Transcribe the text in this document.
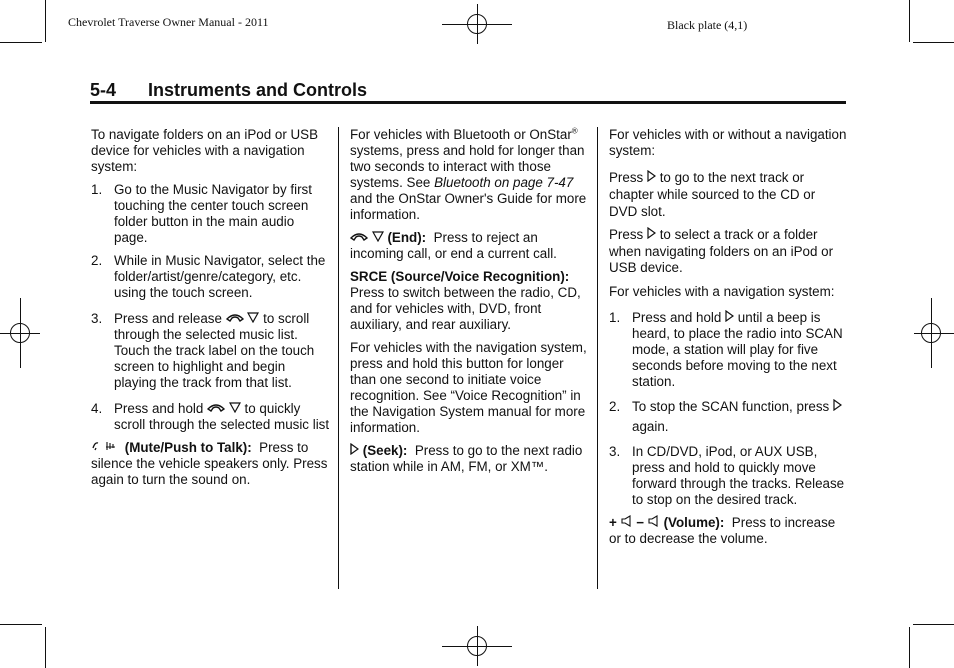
Chevrolet Traverse Owner Manual - 2011	Black plate (4,1)
5-4 Instruments and Controls

To navigate folders on an iPod or USB device for vehicles with a navigation system:

1. Go to the Music Navigator by first touching the center touch screen folder button in the main audio page.
2. While in Music Navigator, select the folder/artist/genre/category, etc. using the touch screen.
3. Press and release	to scroll through the selected music list. Touch the track label on the touch screen to highlight and begin playing the track from that list.
4. Press and hold	to quickly scroll through the selected music list

(Mute/Push to Talk): Press to silence the vehicle speakers only. Press again to turn the sound on.

For vehicles with Bluetooth or OnStar® systems, press and hold for longer than two seconds to interact with those systems. See Bluetooth on page 7-47 and the OnStar Owner's Guide for more information.

(End): Press to reject an incoming call, or end a current call.

SRCE (Source/Voice Recognition):  Press to switch between the radio, CD, and for vehicles with, DVD, front auxiliary, and rear auxiliary.

For vehicles with the navigation system, press and hold this button for longer than one second to initiate voice recognition. See “Voice Recognition” in the Navigation System manual for more information.

(Seek): Press to go to the next radio station while in AM, FM, or XM™.

For vehicles with or without a navigation system:

Press to go to the next track or chapter while sourced to the CD or DVD slot.

Press to select a track or a folder when navigating folders on an iPod or USB device.

For vehicles with a navigation system:

1. Press and hold until a beep is heard, to place the radio into SCAN mode, a station will play for five seconds before moving to the next station.
2. To stop the SCAN function, press  again.
3. In CD/DVD, iPod, or AUX USB, press and hold to quickly move forward through the tracks. Release to stop on the desired track.

+ − (Volume): Press to increase or to decrease the volume.
